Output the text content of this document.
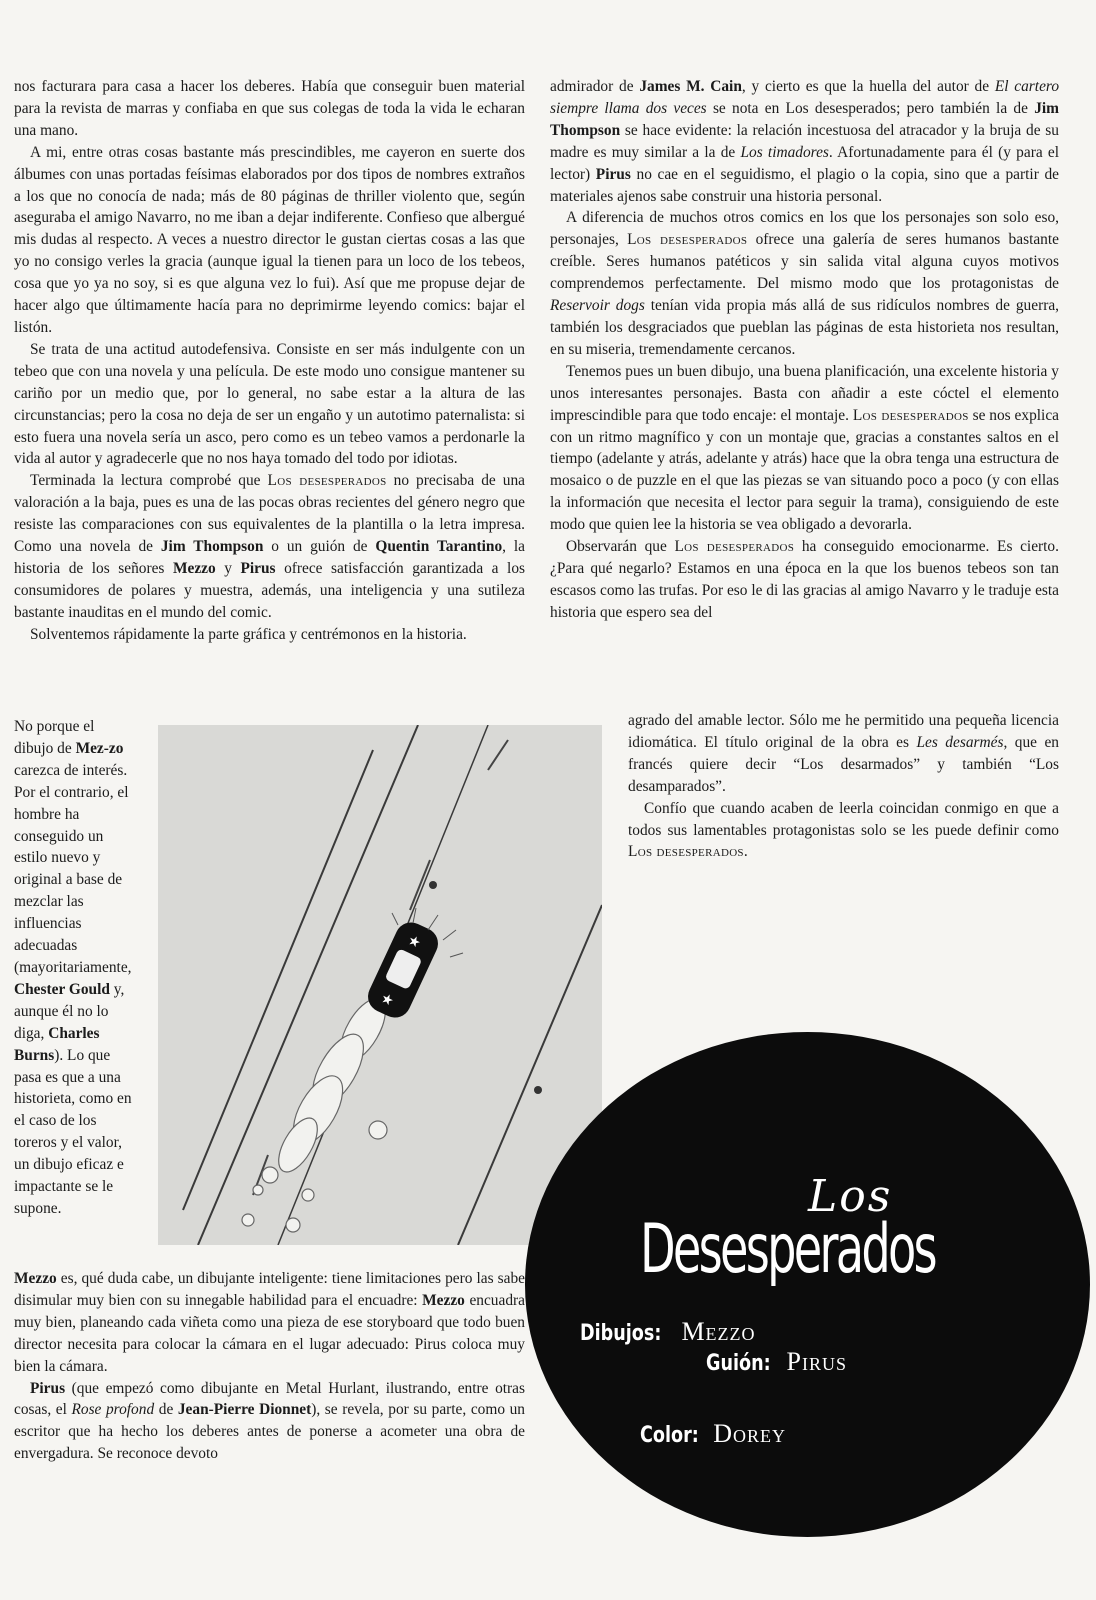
nos facturara para casa a hacer los deberes. Había que conseguir buen material para la revista de marras y confiaba en que sus colegas de toda la vida le echaran una mano.

A mi, entre otras cosas bastante más prescindibles, me cayeron en suerte dos álbumes con unas portadas feísimas elaborados por dos tipos de nombres extraños a los que no conocía de nada; más de 80 páginas de thriller violento que, según aseguraba el amigo Navarro, no me iban a dejar indiferente. Confieso que albergué mis dudas al respecto. A veces a nuestro director le gustan ciertas cosas a las que yo no consigo verles la gracia (aunque igual la tienen para un loco de los tebeos, cosa que yo ya no soy, si es que alguna vez lo fui). Así que me propuse dejar de hacer algo que últimamente hacía para no deprimirme leyendo comics: bajar el listón.

Se trata de una actitud autodefensiva. Consiste en ser más indulgente con un tebeo que con una novela y una película. De este modo uno consigue mantener su cariño por un medio que, por lo general, no sabe estar a la altura de las circunstancias; pero la cosa no deja de ser un engaño y un autotimo paternalista: si esto fuera una novela sería un asco, pero como es un tebeo vamos a perdonarle la vida al autor y agradecerle que no nos haya tomado del todo por idiotas.

Terminada la lectura comprobé que Los desesperados no precisaba de una valoración a la baja, pues es una de las pocas obras recientes del género negro que resiste las comparaciones con sus equivalentes de la plantilla o la letra impresa. Como una novela de Jim Thompson o un guión de Quentin Tarantino, la historia de los señores Mezzo y Pirus ofrece satisfacción garantizada a los consumidores de polares y muestra, además, una inteligencia y una sutileza bastante inauditas en el mundo del comic.

Solventemos rápidamente la parte gráfica y centrémonos en la historia.

No porque el dibujo de Mez-zo carezca de interés. Por el contrario, el hombre ha conseguido un estilo nuevo y original a base de mezclar las influencias adecuadas (mayoritariamente, Chester Gould y, aunque él no lo diga, Charles Burns). Lo que pasa es que a una historieta, como en el caso de los toreros y el valor, un dibujo eficaz e impactante se le supone.
★
★

Mezzo es, qué duda cabe, un dibujante inteligente: tiene limitaciones pero las sabe disimular muy bien con su innegable habilidad para el encuadre: Mezzo encuadra muy bien, planeando cada viñeta como una pieza de ese storyboard que todo buen director necesita para colocar la cámara en el lugar adecuado: Pirus coloca muy bien la cámara.

Pirus (que empezó como dibujante en Metal Hurlant, ilustrando, entre otras cosas, el Rose profond de Jean-Pierre Dionnet), se revela, por su parte, como un escritor que ha hecho los deberes antes de ponerse a acometer una obra de envergadura. Se reconoce devoto

admirador de James M. Cain, y cierto es que la huella del autor de El cartero siempre llama dos veces se nota en Los desesperados; pero también la de Jim Thompson se hace evidente: la relación incestuosa del atracador y la bruja de su madre es muy similar a la de Los timadores. Afortunadamente para él (y para el lector) Pirus no cae en el seguidismo, el plagio o la copia, sino que a partir de materiales ajenos sabe construir una historia personal.

A diferencia de muchos otros comics en los que los personajes son solo eso, personajes, Los desesperados ofrece una galería de seres humanos bastante creíble. Seres humanos patéticos y sin salida vital alguna cuyos motivos comprendemos perfectamente. Del mismo modo que los protagonistas de Reservoir dogs tenían vida propia más allá de sus ridículos nombres de guerra, también los desgraciados que pueblan las páginas de esta historieta nos resultan, en su miseria, tremendamente cercanos.

Tenemos pues un buen dibujo, una buena planificación, una excelente historia y unos interesantes personajes. Basta con añadir a este cóctel el elemento imprescindible para que todo encaje: el montaje. Los desesperados se nos explica con un ritmo magnífico y con un montaje que, gracias a constantes saltos en el tiempo (adelante y atrás, adelante y atrás) hace que la obra tenga una estructura de mosaico o de puzzle en el que las piezas se van situando poco a poco (y con ellas la información que necesita el lector para seguir la trama), consiguiendo de este modo que quien lee la historia se vea obligado a devorarla.

Observarán que Los desesperados ha conseguido emocionarme. Es cierto. ¿Para qué negarlo? Estamos en una época en la que los buenos tebeos son tan escasos como las trufas. Por eso le di las gracias al amigo Navarro y le traduje esta historia que espero sea del

agrado del amable lector. Sólo me he permitido una pequeña licencia idiomática. El título original de la obra es Les desarmés, que en francés quiere decir “Los desarmados” y también “Los desamparados”.

Confío que cuando acaben de leerla coincidan conmigo en que a todos sus lamentables protagonistas solo se les puede definir como Los desesperados.

Los
Desesperados
Dibujos: Mezzo
Guión: Pirus
Color: Dorey
